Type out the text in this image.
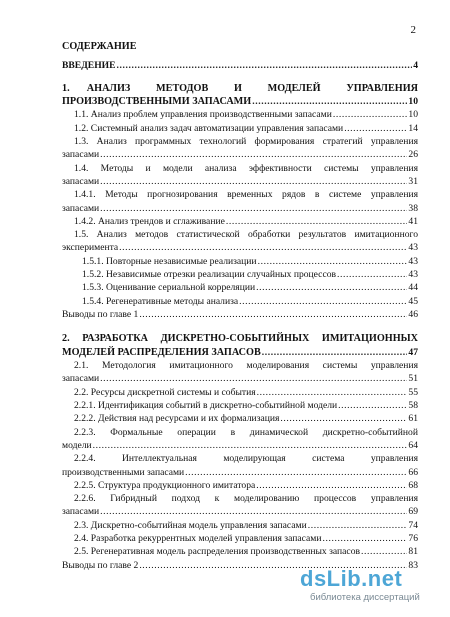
2
СОДЕРЖАНИЕ
ВВЕДЕНИЕ .....	4
1.  АНАЛИЗ   МЕТОДОВ   И   МОДЕЛЕЙ   УПРАВЛЕНИЯ
ПРОИЗВОДСТВЕННЫМИ ЗАПАСАМИ .....	10
1.1. Анализ проблем управления производственными запасами .....	10
1.2. Системный анализ задач автоматизации управления запасами .....	14
1.3. Анализ программных технологий формирования стратегий управления
запасами .....	26
1.4. Методы и модели анализа эффективности системы управления
запасами .....	31
1.4.1. Методы прогнозирования временных рядов в системе управления
запасами .....	38
1.4.2. Анализ трендов и сглаживание .....	41
1.5. Анализ методов статистической обработки результатов имитационного
эксперимента .....	43
1.5.1. Повторные независимые реализации .....	43
1.5.2. Независимые отрезки реализации случайных процессов .....	43
1.5.3. Оценивание сериальной корреляции .....	44
1.5.4. Регенеративные методы анализа .....	45
Выводы по главе 1 .....	46
2.  РАЗРАБОТКА  ДИСКРЕТНО-СОБЫТИЙНЫХ  ИМИТАЦИОННЫХ
МОДЕЛЕЙ РАСПРЕДЕЛЕНИЯ ЗАПАСОВ .....	47
2.1. Методология имитационного моделирования системы управления
запасами .....	51
2.2. Ресурсы дискретной системы и события .....	55
2.2.1. Идентификация событий в дискретно-событийной модели .....	58
2.2.2. Действия над ресурсами и их формализация .....	61
2.2.3. Формальные операции в динамической дискретно-событийной
модели .....	64
2.2.4. Интеллектуальная моделирующая система управления
производственными запасами .....	66
2.2.5. Структура продукционного имитатора .....	68
2.2.6. Гибридный подход к моделированию процессов управления
запасами .....	69
2.3. Дискретно-событийная модель управления запасами .....	74
2.4. Разработка рекуррентных моделей управления запасами .....	76
2.5. Регенеративная модель распределения производственных запасов .....	81
Выводы по главе 2 .....	83
dsLib.net
библиотека диссертаций
